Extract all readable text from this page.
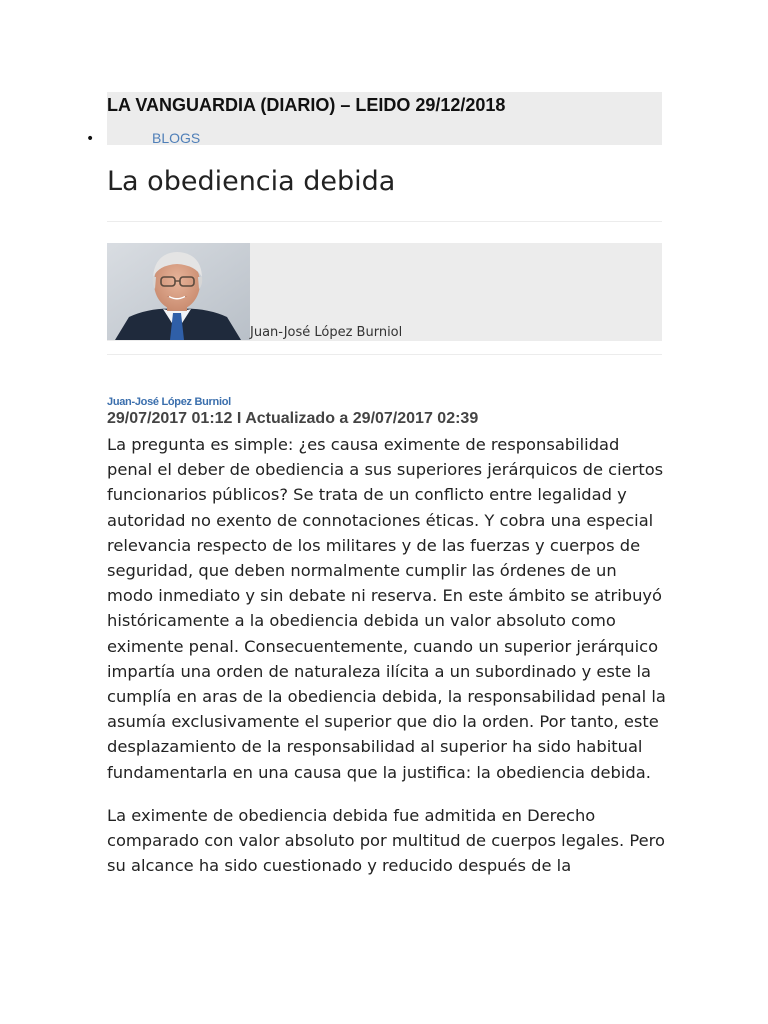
LA VANGUARDIA (DIARIO) – LEIDO 29/12/2018
•	BLOGS
La obediencia debida
Juan-José López Burniol
Juan-José López Burniol
29/07/2017 01:12 I Actualizado a 29/07/2017 02:39

La pregunta es simple: ¿es causa eximente de responsabilidad penal el deber de obediencia a sus superiores jerárquicos de ciertos funcionarios públicos? Se trata de un conflicto entre legalidad y autoridad no exento de connotaciones éticas. Y cobra una especial relevancia respecto de los militares y de las fuerzas y cuerpos de seguridad, que deben normalmente cumplir las órdenes de un modo inmediato y sin debate ni reserva. En este ámbito se atribuyó históricamente a la obediencia debida un valor absoluto como eximente penal. Consecuentemente, cuando un superior jerárquico impartía una orden de naturaleza ilícita a un subordinado y este la cumplía en aras de la obediencia debida, la responsabilidad penal la asumía exclusivamente el superior que dio la orden. Por tanto, este desplazamiento de la responsabilidad al superior ha sido habitual fundamentarla en una causa que la justifica: la obediencia debida.

La eximente de obediencia debida fue admitida en Derecho comparado con valor absoluto por multitud de cuerpos legales. Pero su alcance ha sido cuestionado y reducido después de la
